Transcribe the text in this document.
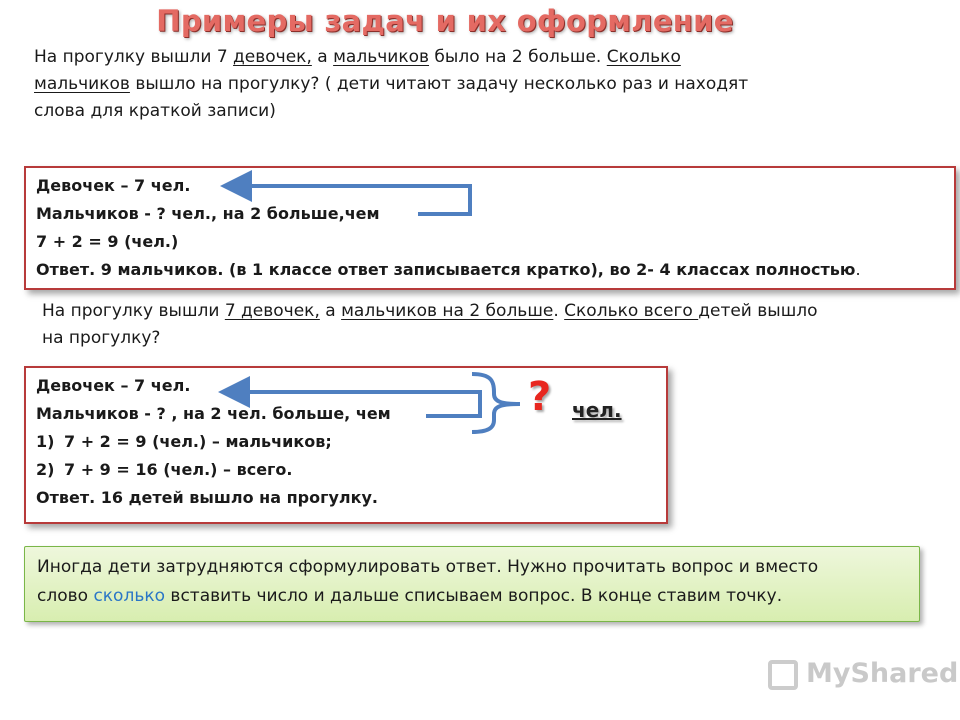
Примеры задач и их оформление
На прогулку вышли 7 девочек, а мальчиков было на 2 больше. Сколько
мальчиков вышло на прогулку? ( дети читают задачу несколько раз и находят
слова для краткой записи)
Девочек – 7 чел.
Мальчиков - ? чел., на 2 больше,чем
7 + 2 = 9 (чел.)
Ответ. 9 мальчиков. (в 1 классе ответ записывается кратко), во 2- 4 классах полностью.
На прогулку вышли 7 девочек, а мальчиков на 2 больше. Сколько всего детей вышло
на прогулку?
Девочек – 7 чел.
Мальчиков - ? , на 2 чел. больше, чем
1) 7 + 2 = 9 (чел.) – мальчиков;
2) 7 + 9 = 16 (чел.) – всего.
Ответ. 16 детей вышло на прогулку.
? чел.
Иногда дети затрудняются сформулировать ответ. Нужно прочитать вопрос и вместо
слово сколько вставить число и дальше списываем вопрос. В конце ставим точку.
MyShared
